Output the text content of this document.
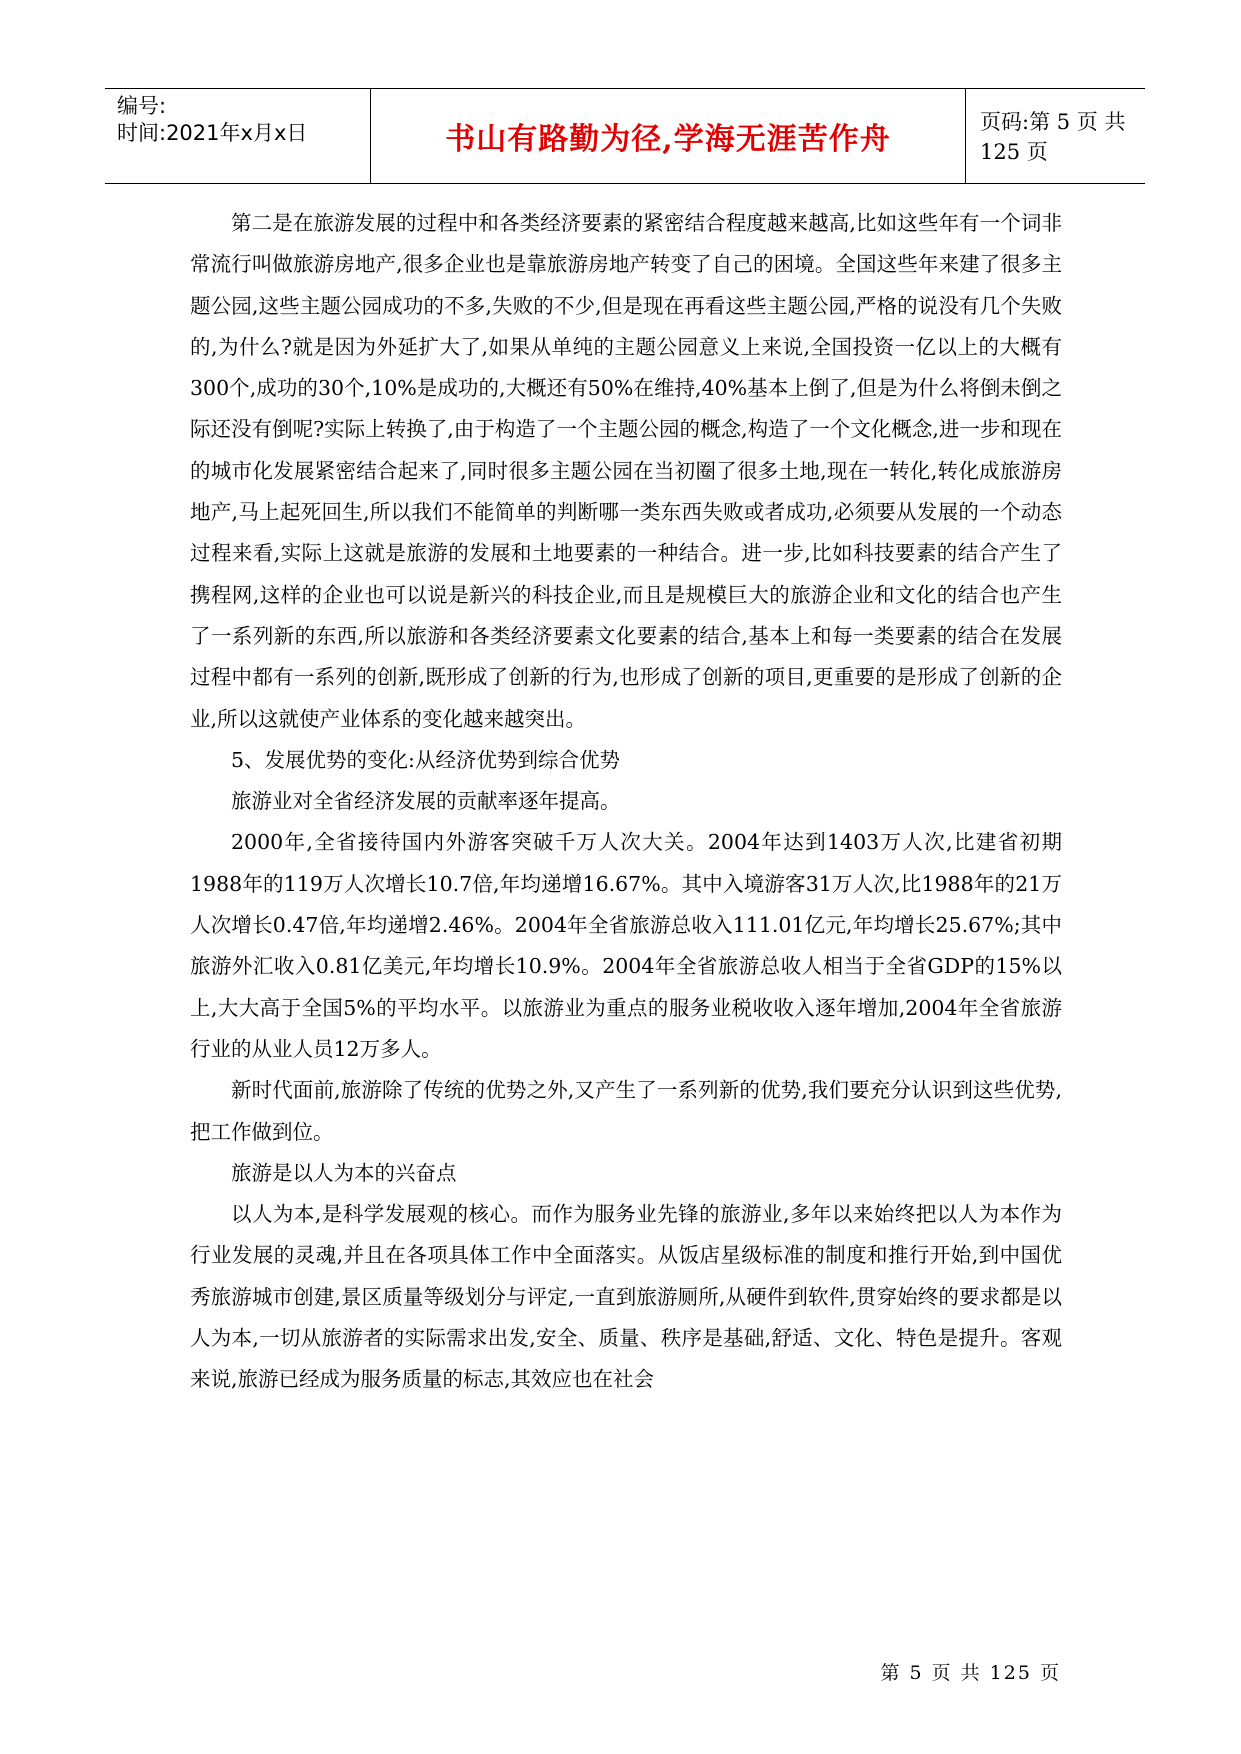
编号:
时间:2021年x月x日	书山有路勤为径,学海无涯苦作舟	页码:第 5 页 共 125 页

第二是在旅游发展的过程中和各类经济要素的紧密结合程度越来越高,比如这些年有一个词非常流行叫做旅游房地产,很多企业也是靠旅游房地产转变了自己的困境。全国这些年来建了很多主题公园,这些主题公园成功的不多,失败的不少,但是现在再看这些主题公园,严格的说没有几个失败的,为什么?就是因为外延扩大了,如果从单纯的主题公园意义上来说,全国投资一亿以上的大概有300个,成功的30个,10%是成功的,大概还有50%在维持,40%基本上倒了,但是为什么将倒未倒之际还没有倒呢?实际上转换了,由于构造了一个主题公园的概念,构造了一个文化概念,进一步和现在的城市化发展紧密结合起来了,同时很多主题公园在当初圈了很多土地,现在一转化,转化成旅游房地产,马上起死回生,所以我们不能简单的判断哪一类东西失败或者成功,必须要从发展的一个动态过程来看,实际上这就是旅游的发展和土地要素的一种结合。进一步,比如科技要素的结合产生了携程网,这样的企业也可以说是新兴的科技企业,而且是规模巨大的旅游企业和文化的结合也产生了一系列新的东西,所以旅游和各类经济要素文化要素的结合,基本上和每一类要素的结合在发展过程中都有一系列的创新,既形成了创新的行为,也形成了创新的项目,更重要的是形成了创新的企业,所以这就使产业体系的变化越来越突出。

5、发展优势的变化:从经济优势到综合优势

旅游业对全省经济发展的贡献率逐年提高。

2000年,全省接待国内外游客突破千万人次大关。2004年达到1403万人次,比建省初期1988年的119万人次增长10.7倍,年均递增16.67%。其中入境游客31万人次,比1988年的21万人次增长0.47倍,年均递增2.46%。2004年全省旅游总收入111.01亿元,年均增长25.67%;其中旅游外汇收入0.81亿美元,年均增长10.9%。2004年全省旅游总收人相当于全省GDP的15%以上,大大高于全国5%的平均水平。以旅游业为重点的服务业税收收入逐年增加,2004年全省旅游行业的从业人员12万多人。

新时代面前,旅游除了传统的优势之外,又产生了一系列新的优势,我们要充分认识到这些优势,把工作做到位。

旅游是以人为本的兴奋点

以人为本,是科学发展观的核心。而作为服务业先锋的旅游业,多年以来始终把以人为本作为行业发展的灵魂,并且在各项具体工作中全面落实。从饭店星级标准的制度和推行开始,到中国优秀旅游城市创建,景区质量等级划分与评定,一直到旅游厕所,从硬件到软件,贯穿始终的要求都是以人为本,一切从旅游者的实际需求出发,安全、质量、秩序是基础,舒适、文化、特色是提升。客观来说,旅游已经成为服务质量的标志,其效应也在社会

第 5 页 共 125 页
